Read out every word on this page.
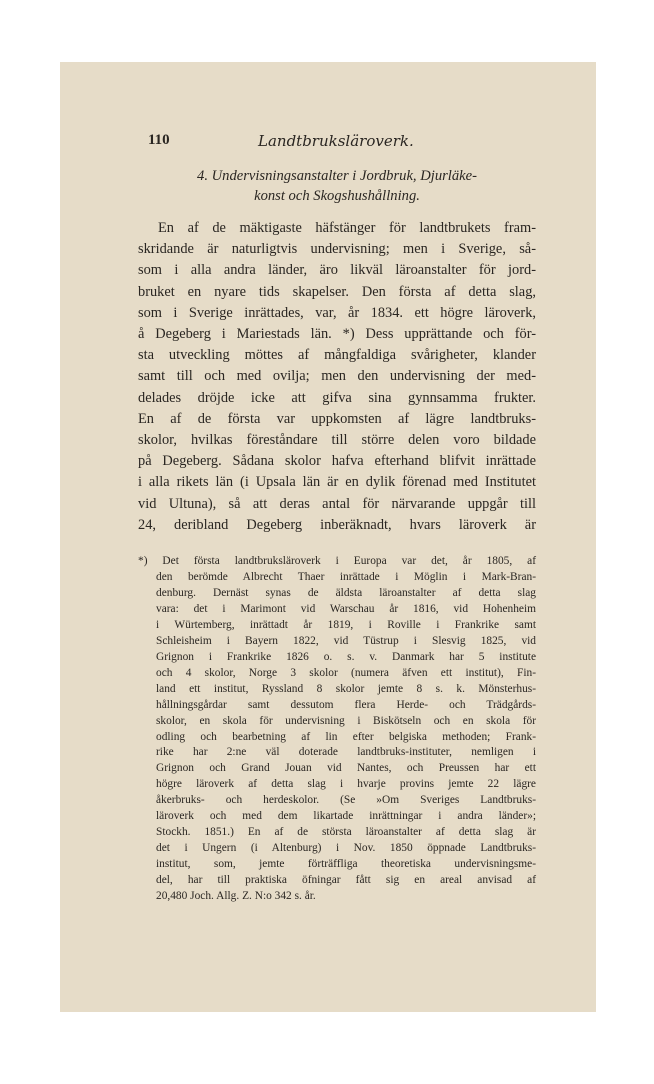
110	Landtbruksläroverk.
4. Undervisningsanstalter i Jordbruk, Djurläke-
konst och Skogshushållning.
En af de mäktigaste häfstänger för landtbrukets fram-
skridande är naturligtvis undervisning; men i Sverige, så-
som i alla andra länder, äro likväl läroanstalter för jord-
bruket en nyare tids skapelser. Den första af detta slag,
som i Sverige inrättades, var, år 1834. ett högre läroverk,
å Degeberg i Mariestads län. *) Dess upprättande och för-
sta utveckling möttes af mångfaldiga svårigheter, klander
samt till och med ovilja; men den undervisning der med-
delades dröjde icke att gifva sina gynnsamma frukter.
En af de första var uppkomsten af lägre landtbruks-
skolor, hvilkas föreståndare till större delen voro bildade
på Degeberg. Sådana skolor hafva efterhand blifvit inrättade
i alla rikets län (i Upsala län är en dylik förenad med Institutet
vid Ultuna), så att deras antal för närvarande uppgår till
24, deribland Degeberg inberäknadt, hvars läroverk är
*) Det första landtbruksläroverk i Europa var det, år 1805, af
den berömde Albrecht Thaer inrättade i Möglin i Mark-Bran-
denburg. Dernäst synas de äldsta läroanstalter af detta slag
vara: det i Marimont vid Warschau år 1816, vid Hohenheim
i Würtemberg, inrättadt år 1819, i Roville i Frankrike samt
Schleisheim i Bayern 1822, vid Tüstrup i Slesvig 1825, vid
Grignon i Frankrike 1826 o. s. v. Danmark har 5 institute
och 4 skolor, Norge 3 skolor (numera äfven ett institut), Fin-
land ett institut, Ryssland 8 skolor jemte 8 s. k. Mönsterhus-
hållningsgårdar samt dessutom flera Herde- och Trädgårds-
skolor, en skola för undervisning i Biskötseln och en skola för
odling och bearbetning af lin efter belgiska methoden; Frank-
rike har 2:ne väl doterade landtbruks-instituter, nemligen i
Grignon och Grand Jouan vid Nantes, och Preussen har ett
högre läroverk af detta slag i hvarje provins jemte 22 lägre
åkerbruks- och herdeskolor. (Se »Om Sveriges Landtbruks-
läroverk och med dem likartade inrättningar i andra länder»;
Stockh. 1851.) En af de största läroanstalter af detta slag är
det i Ungern (i Altenburg) i Nov. 1850 öppnade Landtbruks-
institut, som, jemte förträffliga theoretiska undervisningsme-
del, har till praktiska öfningar fått sig en areal anvisad af
20,480 Joch. Allg. Z. N:o 342 s. år.
